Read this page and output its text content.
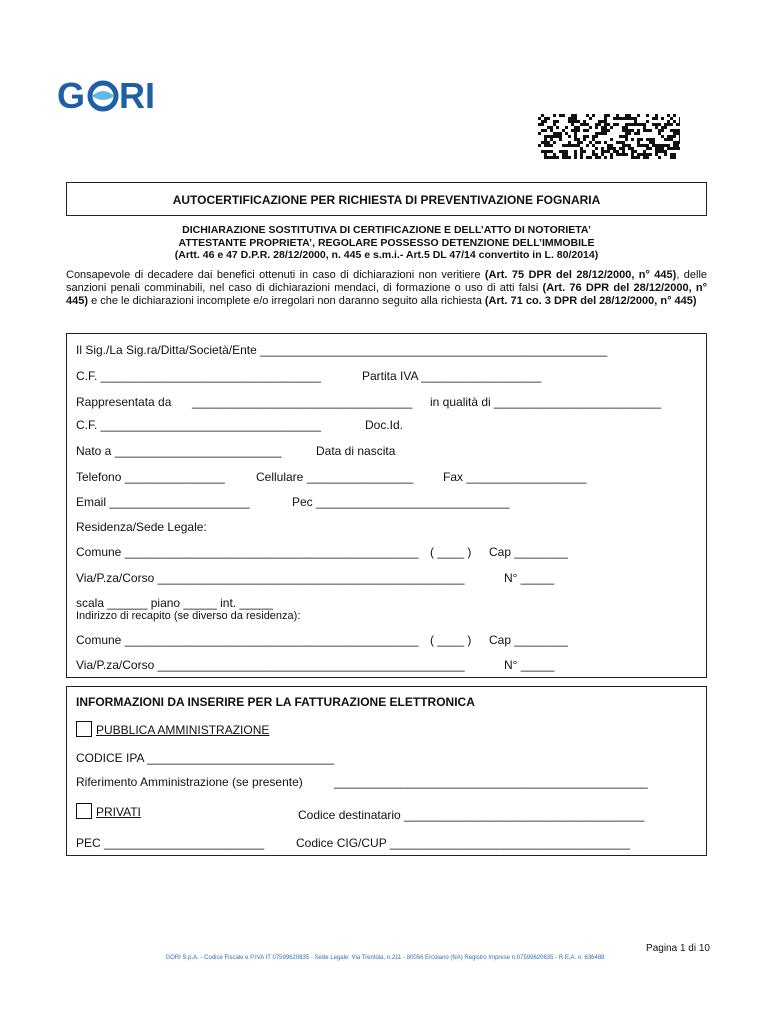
G RI
AUTOCERTIFICAZIONE PER RICHIESTA DI PREVENTIVAZIONE FOGNARIA
DICHIARAZIONE SOSTITUTIVA DI CERTIFICAZIONE E DELL’ATTO DI NOTORIETA’
ATTESTANTE PROPRIETA’, REGOLARE POSSESSO DETENZIONE DELL’IMMOBILE
(Artt. 46 e 47 D.P.R. 28/12/2000, n. 445 e s.m.i.- Art.5 DL 47/14 convertito in L. 80/2014)
Consapevole di decadere dai benefici ottenuti in caso di dichiarazioni non veritiere (Art. 75 DPR del 28/12/2000, n° 445), delle sanzioni penali comminabili, nel caso di dichiarazioni mendaci, di formazione o uso di atti falsi (Art. 76 DPR del 28/12/2000, n° 445) e che le dichiarazioni incomplete e/o irregolari non daranno seguito alla richiesta (Art. 71 co. 3 DPR del 28/12/2000, n° 445)
Il Sig./La Sig.ra/Ditta/Società/Ente ____________________________________________________
C.F. _________________________________	Partita IVA __________________
Rappresentata da _________________________________ in qualità di _________________________
C.F. _________________________________	Doc.Id.
Nato a _________________________	Data di nascita
Telefono _______________	Cellulare ________________ Fax __________________
Email _____________________	Pec _____________________________
Residenza/Sede Legale:
Comune ____________________________________________ ( ____ ) Cap ________
Via/P.za/Corso ______________________________________________	N° _____
scala ______ piano _____ int. _____
Indirizzo di recapito (se diverso da residenza):
Comune ____________________________________________ ( ____ ) Cap ________
Via/P.za/Corso ______________________________________________	N° _____
INFORMAZIONI DA INSERIRE PER LA FATTURAZIONE ELETTRONICA
PUBBLICA AMMINISTRAZIONE
CODICE IPA ____________________________
Riferimento Amministrazione (se presente)	_______________________________________________
PRIVATI	Codice destinatario ____________________________________
PEC ________________________	Codice CIG/CUP ____________________________________
Pagina 1 di 10
GORI S.p.A. - Codice Fiscale e P.IVA IT 07599620635 - Sede Legale: Via Trentola, n.211 - 80056 Ercolano (NA) Registro Imprese n.07599620635 - R.E.A. n. 636488
